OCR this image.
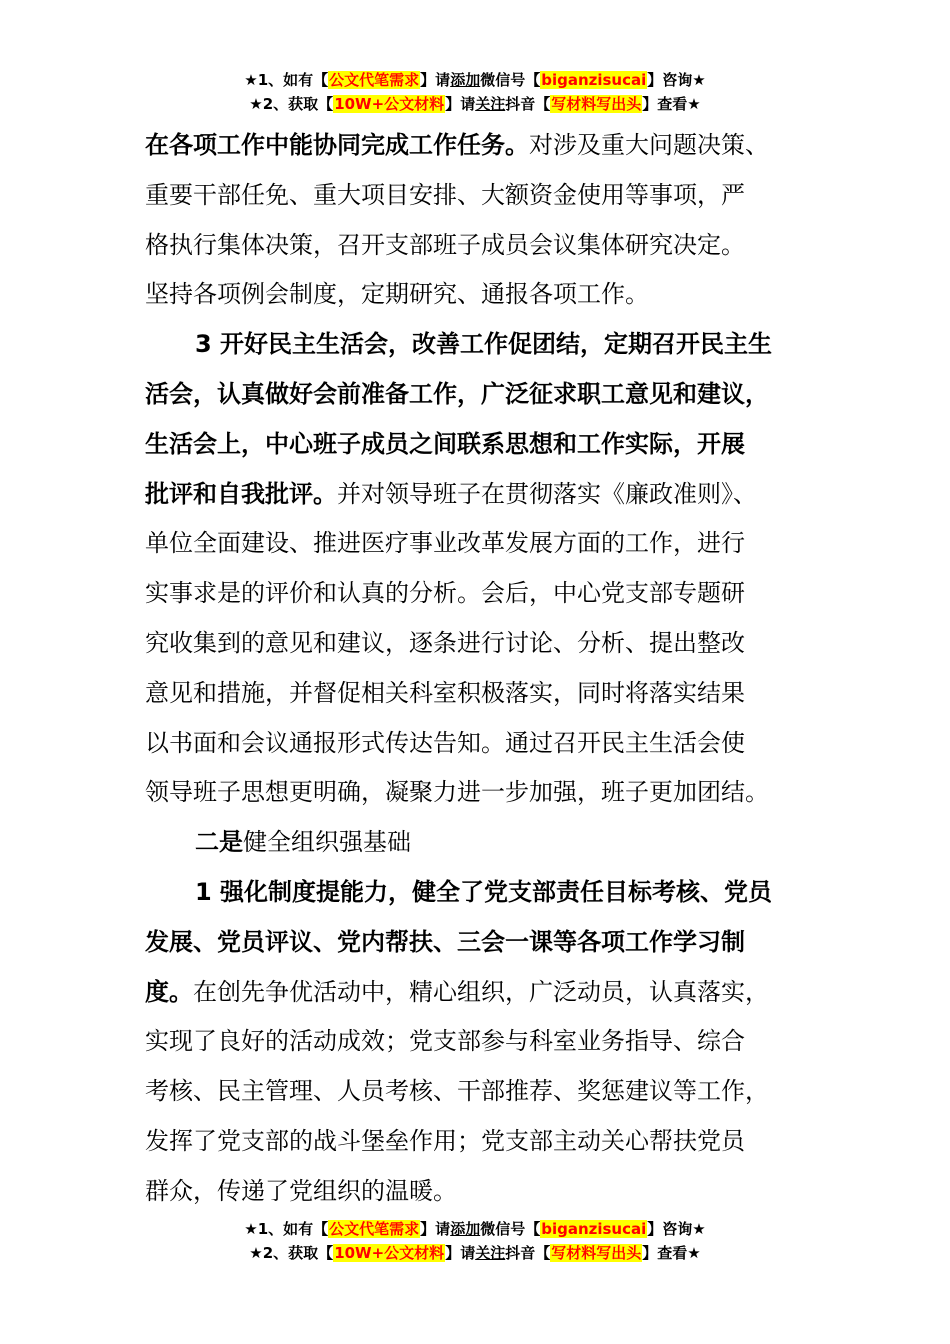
★1、如有【公文代笔需求】请添加微信号【biganzisucai】咨询★
★2、获取【10W+公文材料】请关注抖音【写材料写出头】查看★

在各项工作中能协同完成工作任务。对涉及重大问题决策、
重要干部任免、重大项目安排、大额资金使用等事项，严
格执行集体决策，召开支部班子成员会议集体研究决定。
坚持各项例会制度，定期研究、通报各项工作。

3 开好民主生活会，改善工作促团结，定期召开民主生
活会，认真做好会前准备工作，广泛征求职工意见和建议，
生活会上，中心班子成员之间联系思想和工作实际，开展
批评和自我批评。并对领导班子在贯彻落实《廉政准则》、
单位全面建设、推进医疗事业改革发展方面的工作，进行
实事求是的评价和认真的分析。会后，中心党支部专题研
究收集到的意见和建议，逐条进行讨论、分析、提出整改
意见和措施，并督促相关科室积极落实，同时将落实结果
以书面和会议通报形式传达告知。通过召开民主生活会使
领导班子思想更明确，凝聚力进一步加强，班子更加团结。

二是健全组织强基础

1 强化制度提能力，健全了党支部责任目标考核、党员
发展、党员评议、党内帮扶、三会一课等各项工作学习制
度。在创先争优活动中，精心组织，广泛动员，认真落实，
实现了良好的活动成效；党支部参与科室业务指导、综合
考核、民主管理、人员考核、干部推荐、奖惩建议等工作，
发挥了党支部的战斗堡垒作用；党支部主动关心帮扶党员
群众，传递了党组织的温暖。

★1、如有【公文代笔需求】请添加微信号【biganzisucai】咨询★
★2、获取【10W+公文材料】请关注抖音【写材料写出头】查看★
